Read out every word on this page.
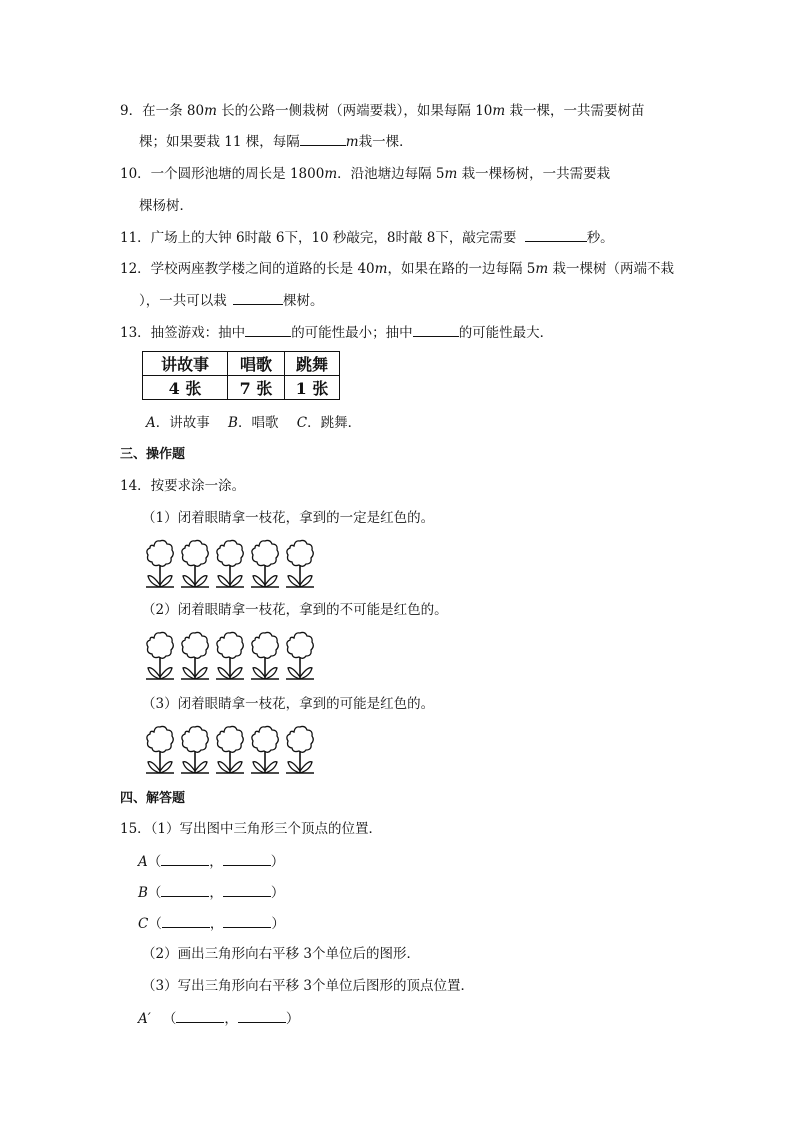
9．在一条 80m 长的公路一侧栽树（两端要栽），如果每隔 10m 栽一棵，一共需要树苗
棵；如果要栽 11 棵，每隔	m栽一棵．
10．一个圆形池塘的周长是 1800m．沿池塘边每隔 5m 栽一棵杨树，一共需要栽
棵杨树．
11．广场上的大钟 6时敲 6下，10 秒敲完，8时敲 8下，敲完需要	秒。
12．学校两座教学楼之间的道路的长是 40m，如果在路的一边每隔 5m 栽一棵树（两端不栽
），一共可以栽	棵树。
13．抽签游戏：抽中	的可能性最小；抽中	的可能性最大．
讲故事	唱歌	跳舞
4 张	7 张	1 张
A．讲故事 B．唱歌 C．跳舞．
三、操作题
14．按要求涂一涂。
（1）闭着眼睛拿一枝花，拿到的一定是红色的。
（2）闭着眼睛拿一枝花，拿到的不可能是红色的。
（3）闭着眼睛拿一枝花，拿到的可能是红色的。
四、解答题
15．（1）写出图中三角形三个顶点的位置．
A（	，	）
B（	，	）
C（	，	）
（2）画出三角形向右平移 3个单位后的图形．
（3）写出三角形向右平移 3个单位后图形的顶点位置．
A′ （	，	）
